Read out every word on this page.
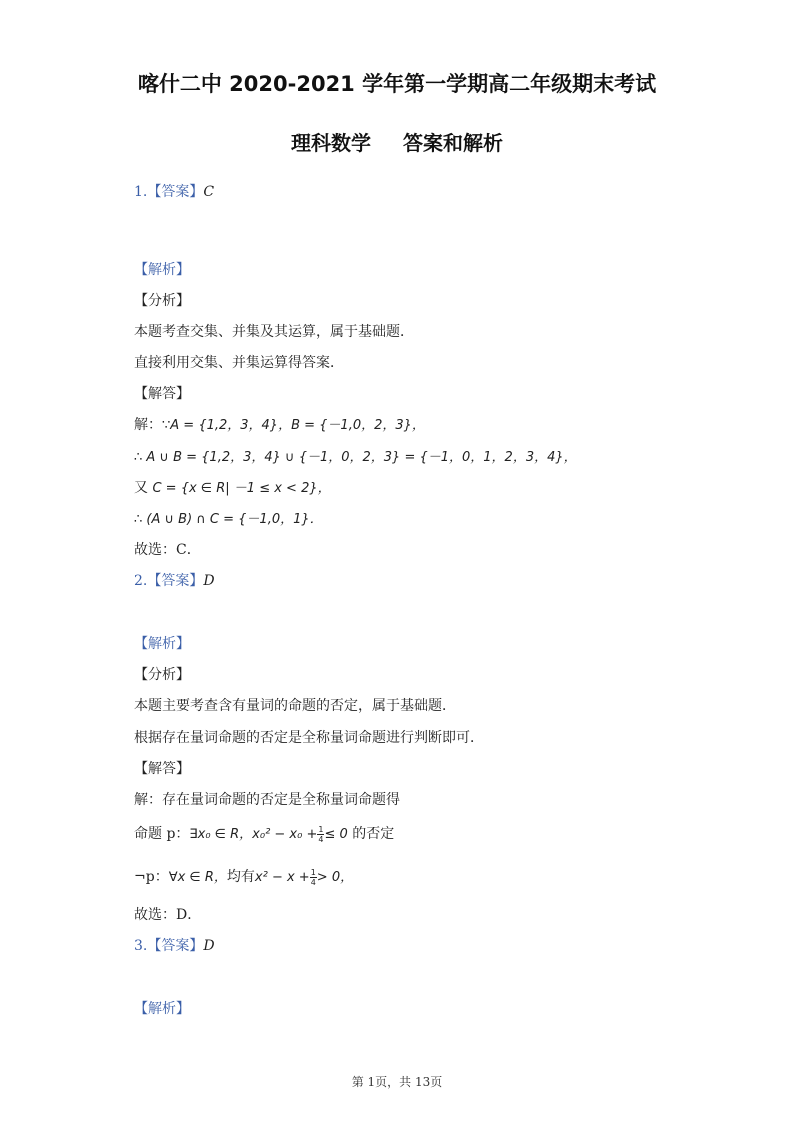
喀什二中 2020-2021 学年第一学期高二年级期末考试
理科数学 答案和解析
1.【答案】C
【解析】
【分析】
本题考查交集、并集及其运算，属于基础题．
直接利用交集、并集运算得答案．
【解答】
解：∵A = {1,2，3，4}，B = {－1,0，2，3}，
∴ A ∪ B = {1,2，3，4} ∪ {－1，0，2，3} = {－1，0，1，2，3，4}，
又 C = {x ∈ R| －1 ≤ x < 2}，
∴ (A ∪ B) ∩ C = {－1,0，1}．
故选：C．
2.【答案】D
【解析】
【分析】
本题主要考查含有量词的命题的否定，属于基础题．
根据存在量词命题的否定是全称量词命题进行判断即可．
【解答】
解：存在量词命题的否定是全称量词命题得
命题 p：∃x₀ ∈ R，$x_0^2 - x_0 + \frac{1}{4} \le 0$ 的否定
¬p：∀x ∈ R，均有$x^2 - x + \frac{1}{4} > 0$，
故选：D．
3.【答案】D
【解析】
第 1页，共 13页
